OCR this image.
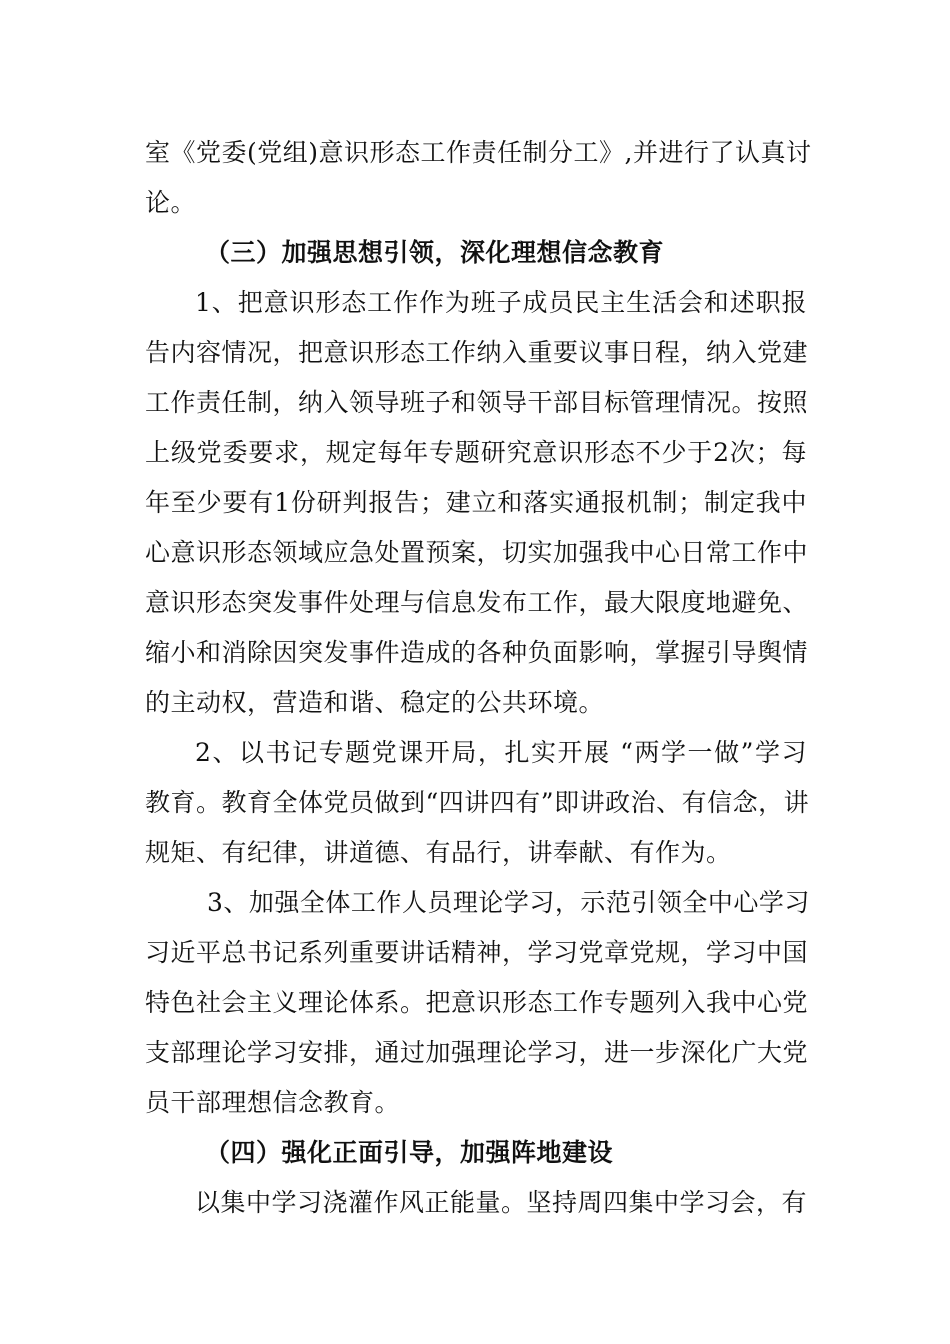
室《党委(党组)意识形态工作责任制分工》,并进行了认真讨
论。
（三）加强思想引领，深化理想信念教育
1、把意识形态工作作为班子成员民主生活会和述职报
告内容情况，把意识形态工作纳入重要议事日程，纳入党建
工作责任制，纳入领导班子和领导干部目标管理情况。按照
上级党委要求，规定每年专题研究意识形态不少于2次；每
年至少要有1份研判报告；建立和落实通报机制；制定我中
心意识形态领域应急处置预案，切实加强我中心日常工作中
意识形态突发事件处理与信息发布工作，最大限度地避免、
缩小和消除因突发事件造成的各种负面影响，掌握引导舆情
的主动权，营造和谐、稳定的公共环境。
2、以书记专题党课开局，扎实开展 “两学一做”学习
教育。教育全体党员做到“四讲四有”即讲政治、有信念，讲
规矩、有纪律，讲道德、有品行，讲奉献、有作为。
3、加强全体工作人员理论学习，示范引领全中心学习
习近平总书记系列重要讲话精神，学习党章党规，学习中国
特色社会主义理论体系。把意识形态工作专题列入我中心党
支部理论学习安排，通过加强理论学习，进一步深化广大党
员干部理想信念教育。
（四）强化正面引导，加强阵地建设
以集中学习浇灌作风正能量。坚持周四集中学习会，有
